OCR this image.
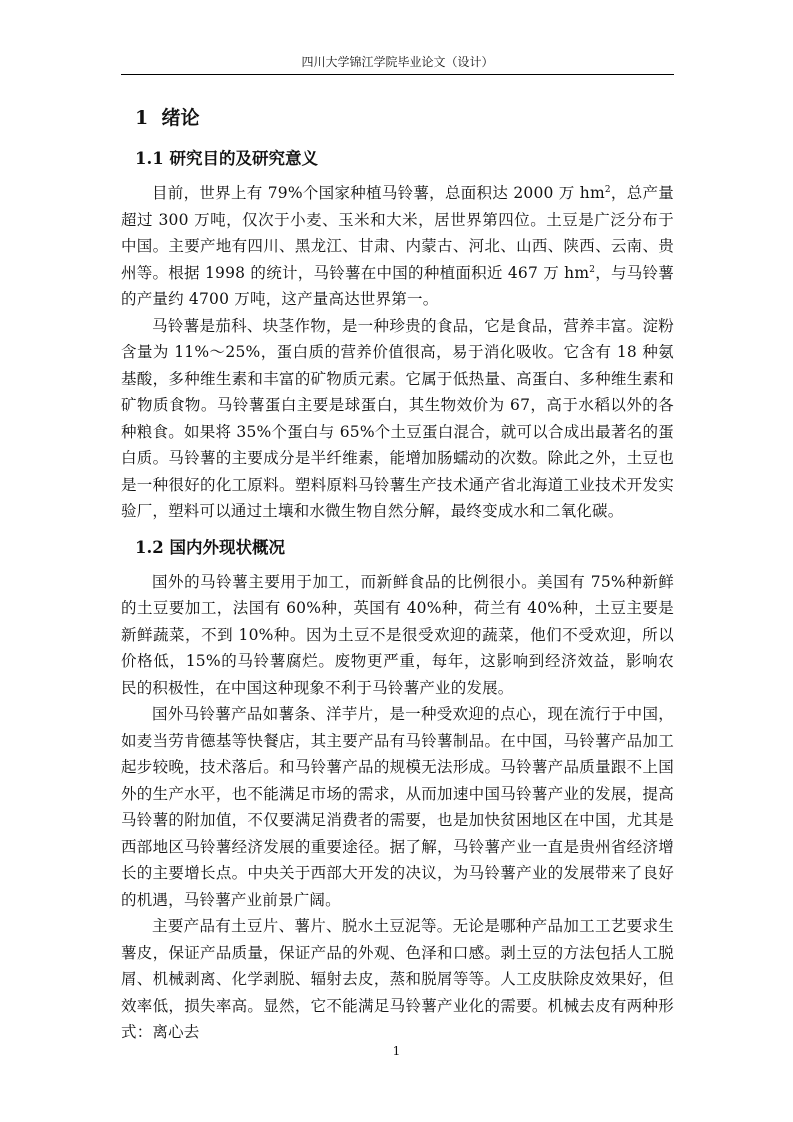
四川大学锦江学院毕业论文（设计）
1 绪论
1.1 研究目的及研究意义

目前，世界上有 79%个国家种植马铃薯，总面积达 2000 万 $hm^2$，总产量超过 300 万吨，仅次于小麦、玉米和大米，居世界第四位。土豆是广泛分布于中国。主要产地有四川、黑龙江、甘肃、内蒙古、河北、山西、陕西、云南、贵州等。根据 1998 的统计，马铃薯在中国的种植面积近 467 万 $hm^2$，与马铃薯的产量约 4700 万吨，这产量高达世界第一。

马铃薯是茄科、块茎作物，是一种珍贵的食品，它是食品，营养丰富。淀粉含量为 11%～25%，蛋白质的营养价值很高，易于消化吸收。它含有 18 种氨基酸，多种维生素和丰富的矿物质元素。它属于低热量、高蛋白、多种维生素和矿物质食物。马铃薯蛋白主要是球蛋白，其生物效价为 67，高于水稻以外的各种粮食。如果将 35%个蛋白与 65%个土豆蛋白混合，就可以合成出最著名的蛋白质。马铃薯的主要成分是半纤维素，能增加肠蠕动的次数。除此之外，土豆也是一种很好的化工原料。塑料原料马铃薯生产技术通产省北海道工业技术开发实验厂，塑料可以通过土壤和水微生物自然分解，最终变成水和二氧化碳。

1.2 国内外现状概况

国外的马铃薯主要用于加工，而新鲜食品的比例很小。美国有 75%种新鲜的土豆要加工，法国有 60%种，英国有 40%种，荷兰有 40%种，土豆主要是新鲜蔬菜，不到 10%种。因为土豆不是很受欢迎的蔬菜，他们不受欢迎，所以价格低，15%的马铃薯腐烂。废物更严重，每年，这影响到经济效益，影响农民的积极性，在中国这种现象不利于马铃薯产业的发展。

国外马铃薯产品如薯条、洋芋片，是一种受欢迎的点心，现在流行于中国，如麦当劳肯德基等快餐店，其主要产品有马铃薯制品。在中国，马铃薯产品加工起步较晚，技术落后。和马铃薯产品的规模无法形成。马铃薯产品质量跟不上国外的生产水平，也不能满足市场的需求，从而加速中国马铃薯产业的发展，提高马铃薯的附加值，不仅要满足消费者的需要，也是加快贫困地区在中国，尤其是西部地区马铃薯经济发展的重要途径。据了解，马铃薯产业一直是贵州省经济增长的主要增长点。中央关于西部大开发的决议，为马铃薯产业的发展带来了良好的机遇，马铃薯产业前景广阔。

主要产品有土豆片、薯片、脱水土豆泥等。无论是哪种产品加工工艺要求生薯皮，保证产品质量，保证产品的外观、色泽和口感。剥土豆的方法包括人工脱屑、机械剥离、化学剥脱、辐射去皮，蒸和脱屑等等。人工皮肤除皮效果好，但效率低，损失率高。显然，它不能满足马铃薯产业化的需要。机械去皮有两种形式：离心去

1
